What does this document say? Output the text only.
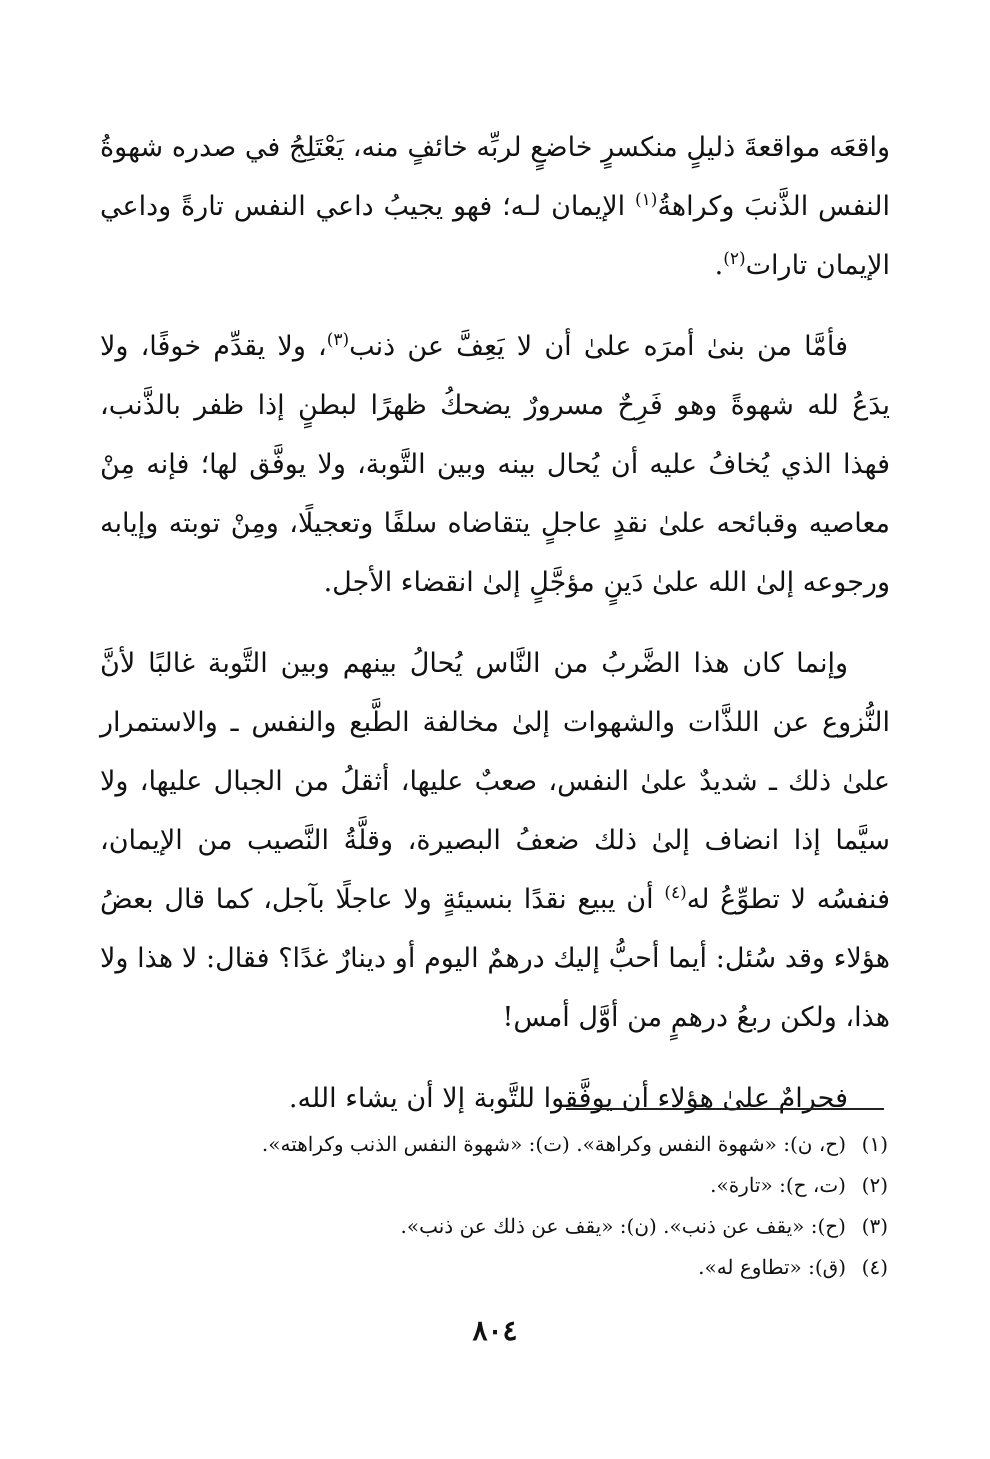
واقعَه مواقعةَ ذليلٍ منكسرٍ خاضعٍ لربِّه خائفٍ منه، يَعْتَلِجُ في صدره شهوةُ النفس الذَّنبَ وكراهةُ$^{(١)}$ الإيمان لـه؛ فهو يجيبُ داعي النفس تارةً وداعي الإيمان تارات$^{(٢)}$.

فأمَّا من بنىٰ أمرَه علىٰ أن لا يَعِفَّ عن ذنب$^{(٣)}$، ولا يقدِّم خوفًا، ولا يدَعُ لله شهوةً وهو فَرِحٌ مسرورٌ يضحكُ ظهرًا لبطنٍ إذا ظفر بالذَّنب، فهذا الذي يُخافُ عليه أن يُحال بينه وبين التَّوبة، ولا يوفَّق لها؛ فإنه مِنْ معاصيه وقبائحه علىٰ نقدٍ عاجلٍ يتقاضاه سلفًا وتعجيلًا، ومِنْ توبته وإيابه ورجوعه إلىٰ الله علىٰ دَينٍ مؤجَّلٍ إلىٰ انقضاء الأجل.

وإنما كان هذا الضَّربُ من النَّاس يُحالُ بينهم وبين التَّوبة غالبًا لأنَّ النُّزوع عن اللذَّات والشهوات إلىٰ مخالفة الطَّبع والنفس ـ والاستمرار علىٰ ذلك ـ شديدٌ علىٰ النفس، صعبٌ عليها، أثقلُ من الجبال عليها، ولا سيَّما إذا انضاف إلىٰ ذلك ضعفُ البصيرة، وقلَّةُ النَّصيب من الإيمان، فنفسُه لا تطوِّعُ له$^{(٤)}$ أن يبيع نقدًا بنسيئةٍ ولا عاجلًا بآجل، كما قال بعضُ هؤلاء وقد سُئل: أيما أحبُّ إليك درهمٌ اليوم أو دينارٌ غدًا؟ فقال: لا هذا ولا هذا، ولكن ربعُ درهمٍ من أوَّل أمس!

فحرامٌ علىٰ هؤلاء أن يوفَّقوا للتَّوبة إلا أن يشاء الله.

(١)(ح، ن): «شهوة النفس وكراهة». (ت): «شهوة النفس الذنب وكراهته».
(٢)(ت، ح): «تارة».
(٣)(ح): «يقف عن ذنب». (ن): «يقف عن ذلك عن ذنب».
(٤)(ق): «تطاوع له».
٨٠٤
